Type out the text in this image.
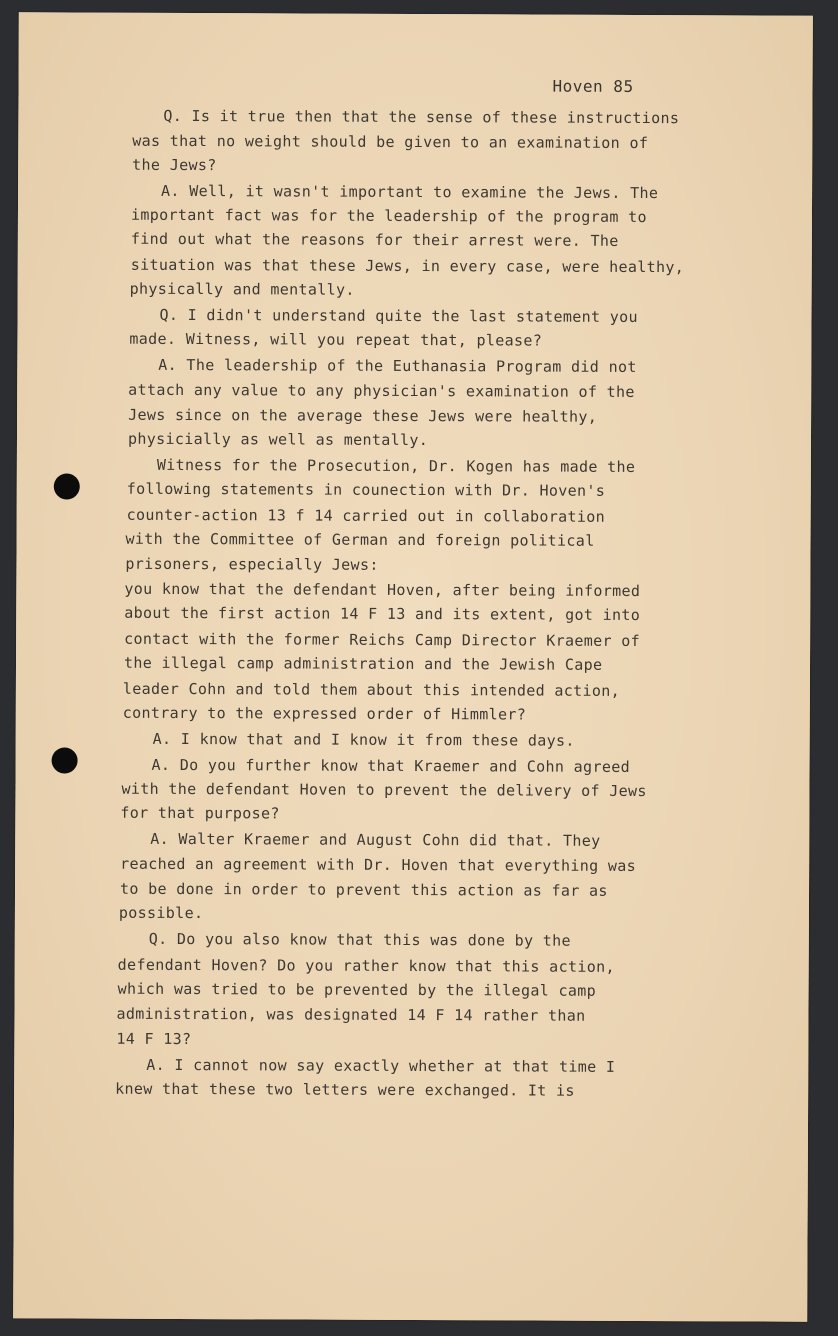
Hoven 85
Q. Is it true then that the sense of these instructions
was that no weight should be given to an examination of
the Jews?
A. Well, it wasn't important to examine the Jews. The
important fact was for the leadership of the program to
find out what the reasons for their arrest were. The
situation was that these Jews, in every case, were healthy,
physically and mentally.
Q. I didn't understand quite the last statement you
made. Witness, will you repeat that, please?
A. The leadership of the Euthanasia Program did not
attach any value to any physician's examination of the
Jews since on the average these Jews were healthy,
physicially as well as mentally.
Witness for the Prosecution, Dr. Kogen has made the
following statements in counection with Dr. Hoven's
counter-action 13 f 14 carried out in collaboration
with the Committee of German and foreign political
prisoners, especially Jews:
you know that the defendant Hoven, after being informed
about the first action 14 F 13 and its extent, got into
contact with the former Reichs Camp Director Kraemer of
the illegal camp administration and the Jewish Cape
leader Cohn and told them about this intended action,
contrary to the expressed order of Himmler?
A. I know that and I know it from these days.
A. Do you further know that Kraemer and Cohn agreed
with the defendant Hoven to prevent the delivery of Jews
for that purpose?
A. Walter Kraemer and August Cohn did that. They
reached an agreement with Dr. Hoven that everything was
to be done in order to prevent this action as far as
possible.
Q. Do you also know that this was done by the
defendant Hoven? Do you rather know that this action,
which was tried to be prevented by the illegal camp
administration, was designated 14 F 14 rather than
14 F 13?
A. I cannot now say exactly whether at that time I
knew that these two letters were exchanged. It is
